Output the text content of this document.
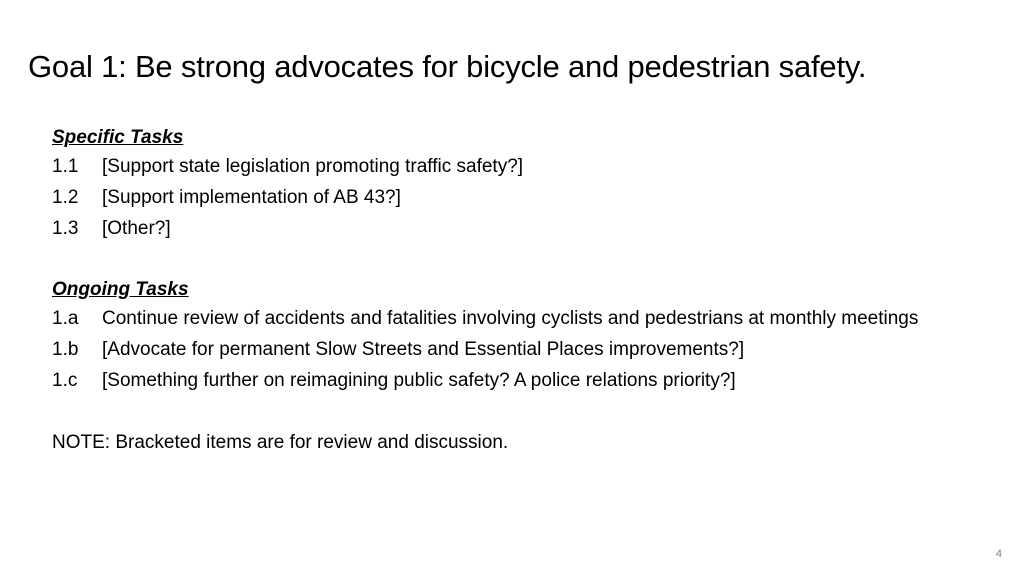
Goal 1: Be strong advocates for bicycle and pedestrian safety.
Specific Tasks
1.1	[Support state legislation promoting traffic safety?]
1.2	[Support implementation of AB 43?]
1.3	[Other?]
Ongoing Tasks
1.a	Continue review of accidents and fatalities involving cyclists and pedestrians at monthly meetings
1.b	[Advocate for permanent Slow Streets and Essential Places improvements?]
1.c	[Something further on reimagining public safety? A police relations priority?]
NOTE: Bracketed items are for review and discussion.
4
